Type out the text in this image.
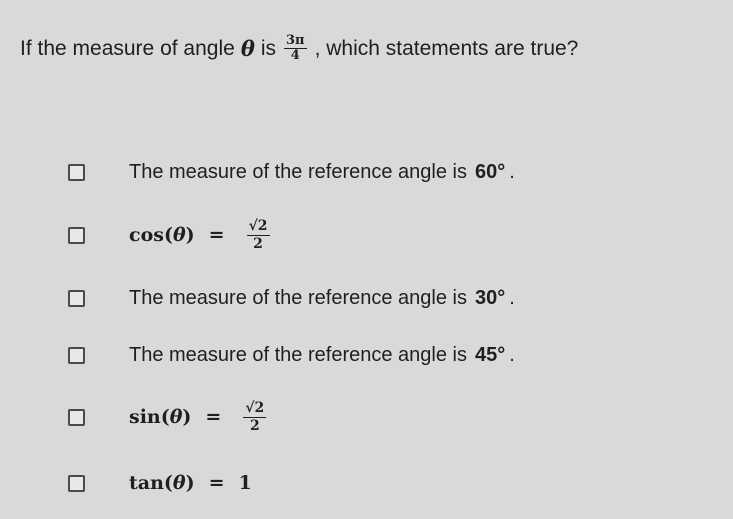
If the measure of angle θ is $\frac{3\pi}{4}$ , which statements are true?
The measure of the reference angle is 60° .
cos(θ) =	$\frac{√2}{2}$
The measure of the reference angle is 30° .
The measure of the reference angle is 45° .
sin(θ) =	$\frac{√2}{2}$
tan(θ) = 1
